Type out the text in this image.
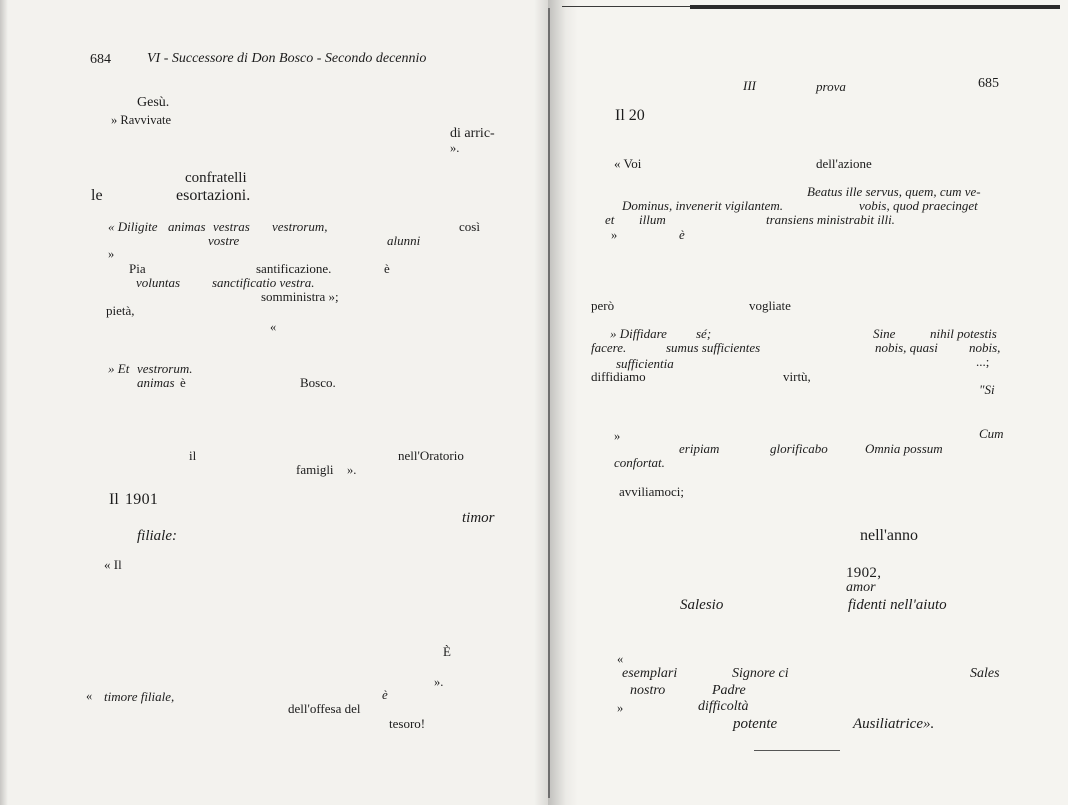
684	VI - Successore di Don Bosco - Secondo decennio
Gesù.
» Ravvivate
di arric-
».
confratelli
le	esortazioni.
« Diligite animas vestras vestrorum,	così
vostre	alunni
»
Pia	santificazione.	è
voluntas sanctificatio vestra.
somministra »;
pietà,
«
» Et vestrorum.
animas è	Bosco.
il	nell'Oratorio
famigli ».
Il 1901
timor
filiale:
« Il
È
».
« timore filiale,	è
dell'offesa del
tesoro!
III	prova	685
Il 20
« Voi	dell'azione
Beatus ille servus, quem, cum ve-
Dominus, invenerit vigilantem.	vobis, quod praecinget
et illum	transiens ministrabit illi.
»	è
però	vogliate
» Diffidare sé;	Sine	nihil potestis
facere.	sumus sufficientes	nobis, quasi nobis,
sufficientia	...;
diffidiamo	virtù,
"Si
»	Cum
eripiam	glorificabo	Omnia possum
confortat.
avviliamoci;
nell'anno
1902,
amor
Salesio	fidenti nell'aiuto
«
esemplari	Signore ci	Sales
nostro	Padre
»	difficoltà
potente	Ausiliatrice».
